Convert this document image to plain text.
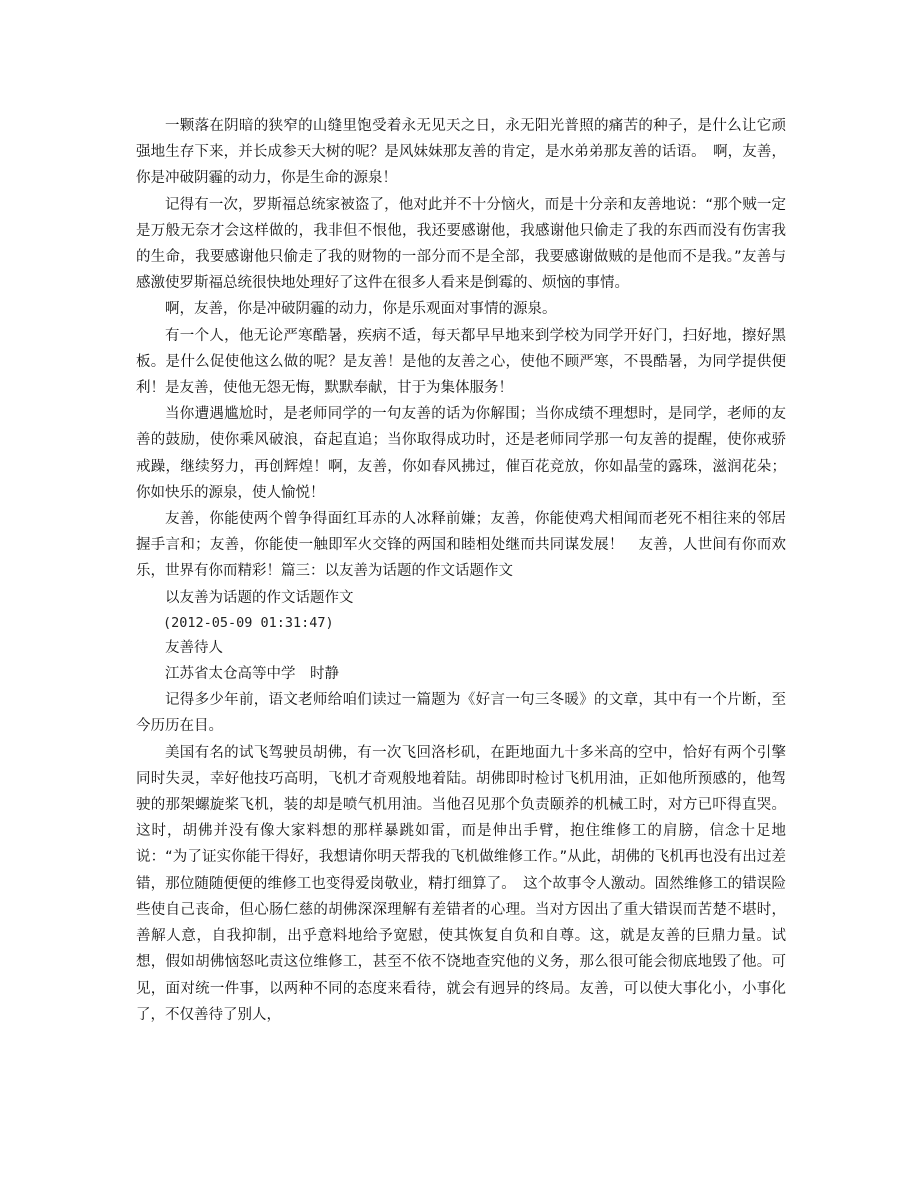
一颗落在阴暗的狭窄的山缝里饱受着永无见天之日，永无阳光普照的痛苦的种子，是什么让它顽强地生存下来，并长成参天大树的呢？是风妹妹那友善的肯定，是水弟弟那友善的话语。　啊，友善，你是冲破阴霾的动力，你是生命的源泉！

记得有一次，罗斯福总统家被盗了，他对此并不十分恼火，而是十分亲和友善地说：“那个贼一定是万般无奈才会这样做的，我非但不恨他，我还要感谢他，我感谢他只偷走了我的东西而没有伤害我的生命，我要感谢他只偷走了我的财物的一部分而不是全部，我要感谢做贼的是他而不是我。”友善与感激使罗斯福总统很快地处理好了这件在很多人看来是倒霉的、烦恼的事情。

啊，友善，你是冲破阴霾的动力，你是乐观面对事情的源泉。

有一个人，他无论严寒酷暑，疾病不适，每天都早早地来到学校为同学开好门，扫好地，擦好黑板。是什么促使他这么做的呢？是友善！是他的友善之心，使他不顾严寒，不畏酷暑，为同学提供便利！是友善，使他无怨无悔，默默奉献，甘于为集体服务！

当你遭遇尴尬时，是老师同学的一句友善的话为你解围；当你成绩不理想时，是同学，老师的友善的鼓励，使你乘风破浪，奋起直追；当你取得成功时，还是老师同学那一句友善的提醒，使你戒骄戒躁，继续努力，再创辉煌！啊，友善，你如春风拂过，催百花竞放，你如晶莹的露珠，滋润花朵；你如快乐的源泉，使人愉悦！

友善，你能使两个曾争得面红耳赤的人冰释前嫌；友善，你能使鸡犬相闻而老死不相往来的邻居握手言和；友善，你能使一触即军火交锋的两国和睦相处继而共同谋发展！　友善，人世间有你而欢乐，世界有你而精彩！篇三：以友善为话题的作文话题作文

以友善为话题的作文话题作文

(2012-05-09 01:31:47)

友善待人

江苏省太仓高等中学　时静

记得多少年前，语文老师给咱们读过一篇题为《好言一句三冬暖》的文章，其中有一个片断，至今历历在目。

美国有名的试飞驾驶员胡佛，有一次飞回洛杉矶，在距地面九十多米高的空中，恰好有两个引擎同时失灵，幸好他技巧高明，飞机才奇观般地着陆。胡佛即时检讨飞机用油，正如他所预感的，他驾驶的那架螺旋桨飞机，装的却是喷气机用油。当他召见那个负责颐养的机械工时，对方已吓得直哭。这时，胡佛并没有像大家料想的那样暴跳如雷，而是伸出手臂，抱住维修工的肩膀，信念十足地说：“为了证实你能干得好，我想请你明天帮我的飞机做维修工作。”从此，胡佛的飞机再也没有出过差错，那位随随便便的维修工也变得爱岗敬业，精打细算了。　这个故事令人激动。固然维修工的错误险些使自己丧命，但心肠仁慈的胡佛深深理解有差错者的心理。当对方因出了重大错误而苦楚不堪时，善解人意，自我抑制，出乎意料地给予宽慰，使其恢复自负和自尊。这，就是友善的巨鼎力量。试想，假如胡佛恼怒叱责这位维修工，甚至不依不饶地查究他的义务，那么很可能会彻底地毁了他。可见，面对统一件事，以两种不同的态度来看待，就会有迥异的终局。友善，可以使大事化小，小事化了，不仅善待了别人，
